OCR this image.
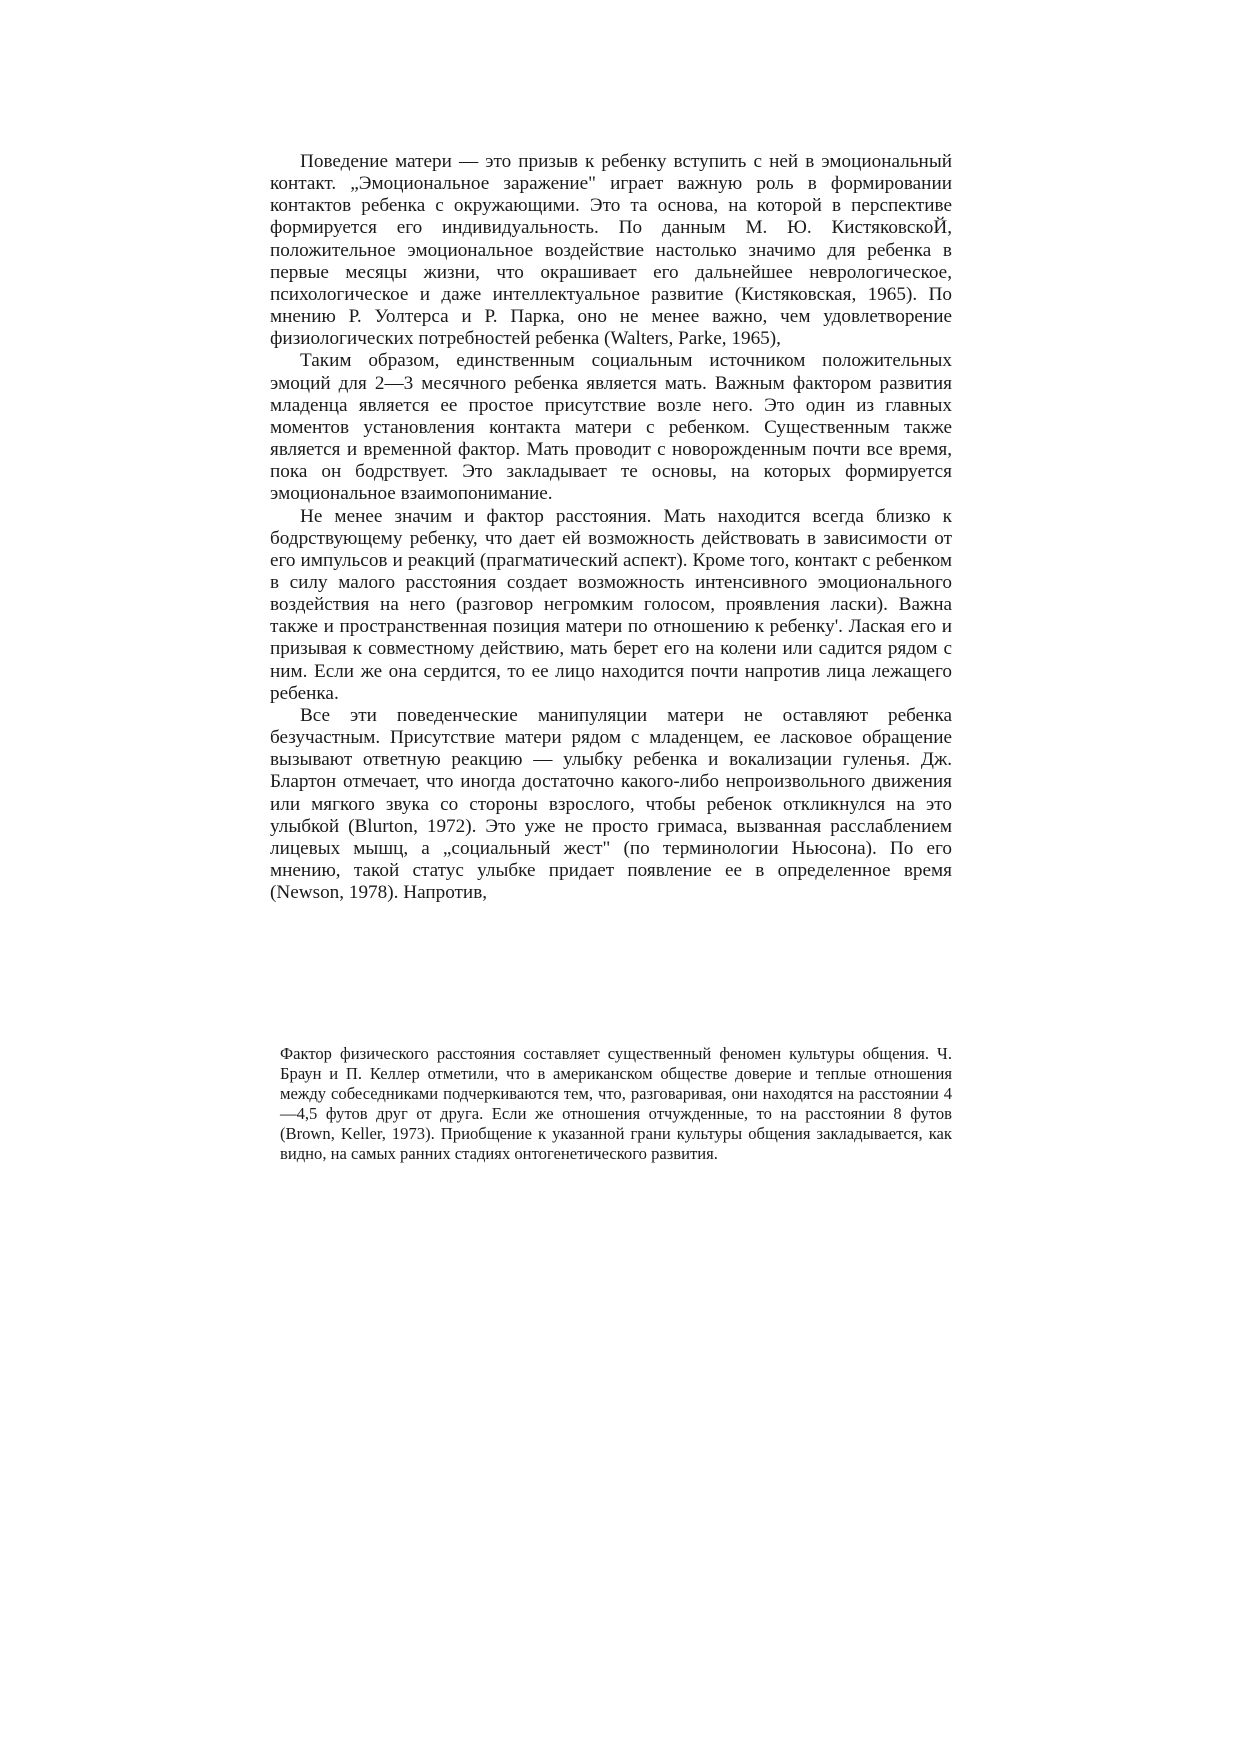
Поведение матери — это призыв к ребенку вступить с ней в эмоциональный контакт. „Эмоциональное заражение" играет важную роль в формировании контактов ребенка с окружающими. Это та основа, на которой в перспективе формируется его индивидуальность. По данным М. Ю. КистяковскоЙ, положительное эмоциональное воздействие настолько значимо для ребенка в первые месяцы жизни, что окрашивает его дальнейшее неврологическое, психологическое и даже интеллектуальное развитие (Кистяковская, 1965). По мнению Р. Уолтерса и Р. Парка, оно не менее важно, чем удовлетворение физиологических потребностей ребенка (Walters, Parke, 1965),

Таким образом, единственным социальным источником положительных эмоций для 2—3 месячного ребенка является мать. Важным фактором развития младенца является ее простое присутствие возле него. Это один из главных моментов установления контакта матери с ребенком. Существенным также является и временной фактор. Мать проводит с новорожденным почти все время, пока он бодрствует. Это закладывает те основы, на которых формируется эмоциональное взаимопонимание.

Не менее значим и фактор расстояния. Мать находится всегда близко к бодрствующему ребенку, что дает ей возможность действовать в зависимости от его импульсов и реакций (прагматический аспект). Кроме того, контакт с ребенком в силу малого расстояния создает возможность интенсивного эмоционального воздействия на него (разговор негромким голосом, проявления ласки). Важна также и пространственная позиция матери по отношению к ребенку'. Лаская его и призывая к совместному действию, мать берет его на колени или садится рядом с ним. Если же она сердится, то ее лицо находится почти напротив лица лежащего ребенка.

Все эти поведенческие манипуляции матери не оставляют ребенка безучастным. Присутствие матери рядом с младенцем, ее ласковое обращение вызывают ответную реакцию — улыбку ребенка и вокализации гуленья. Дж. Блартон отмечает, что иногда достаточно какого-либо непроизвольного движения или мягкого звука со стороны взрослого, чтобы ребенок откликнулся на это улыбкой (Blurton, 1972). Это уже не просто гримаса, вызванная расслаблением лицевых мышц, а „социальный жест" (по терминологии Ньюсона). По его мнению, такой статус улыбке придает появление ее в определенное время (Newson, 1978). Напротив,

Фактор физического расстояния составляет существенный феномен культуры общения. Ч. Браун и П. Келлер отметили, что в американском обществе доверие и теплые отношения между собеседниками подчеркиваются тем, что, разговаривая, они находятся на расстоянии 4—4,5 футов друг от друга. Если же отношения отчужденные, то на расстоянии 8 футов (Brown, Keller, 1973). Приобщение к указанной грани культуры общения закладывается, как видно, на самых ранних стадиях онтогенетического развития.
